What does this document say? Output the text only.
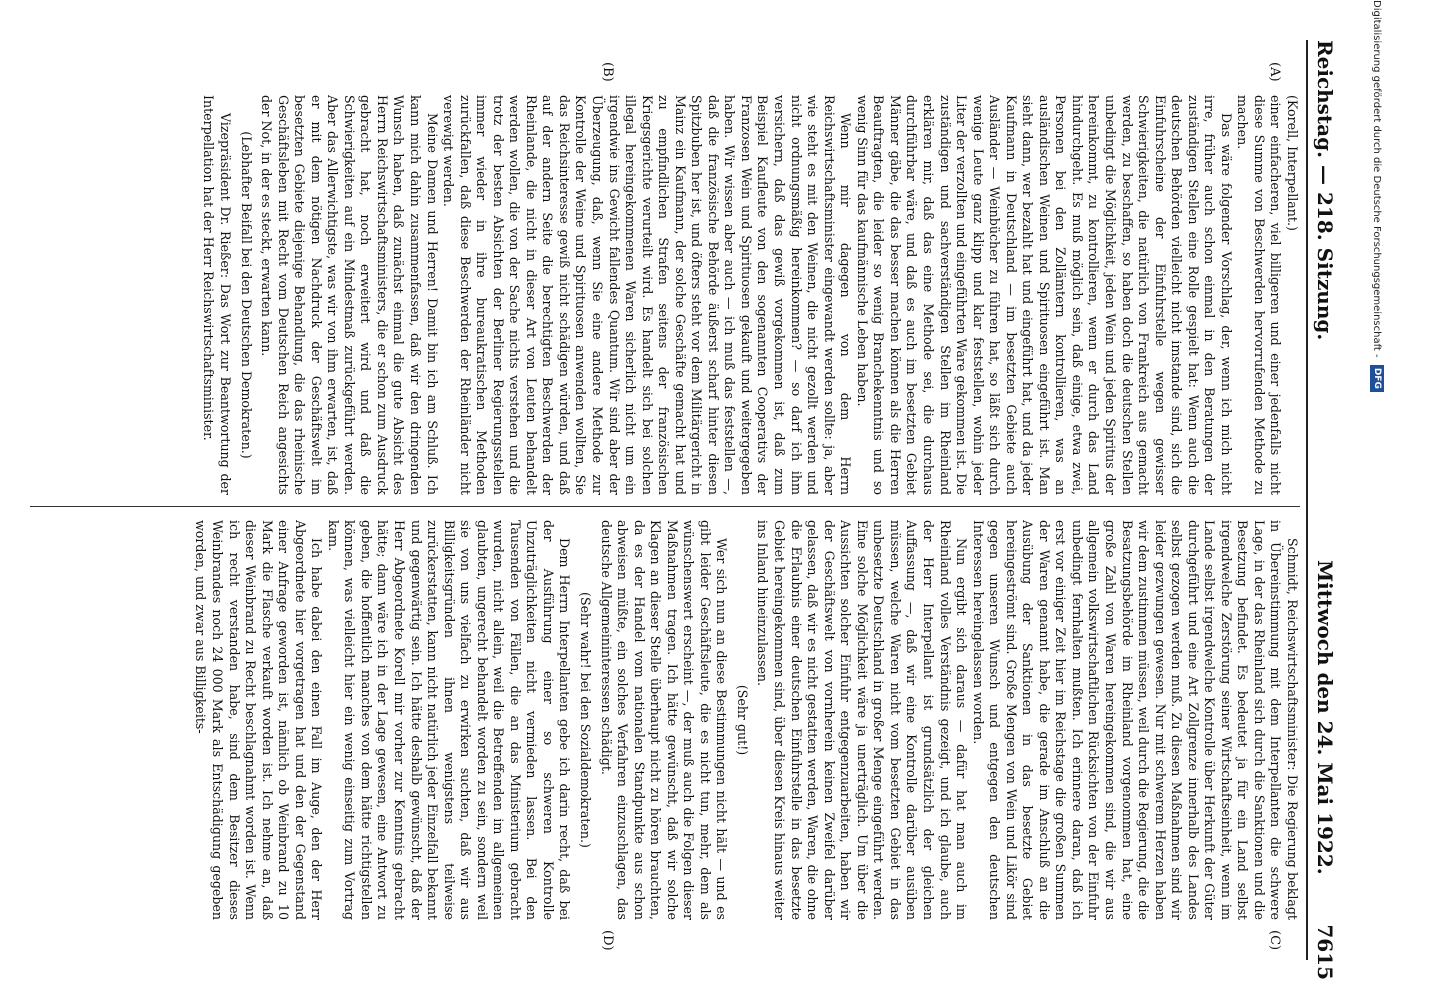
Reichstag. — 218. Sitzung.
Mittwoch den 24. Mai 1922.
7615
(A)
(B)
(C)
(D)

(Korell, Interpellant.)

einer einfacheren, viel billigeren und einer jedenfalls nicht diese Summe von Beschwerden hervorrufenden Methode zu machen.

Das wäre folgender Vorschlag, der, wenn ich mich nicht irre, früher auch schon einmal in den Beratungen der zuständigen Stellen eine Rolle gespielt hat: Wenn auch die deutschen Behörden vielleicht nicht imstande sind, sich die Einfuhrscheine der Einfuhrstelle wegen gewisser Schwierigkeiten, die natürlich von Frankreich aus gemacht werden, zu beschaffen, so haben doch die deutschen Stellen unbedingt die Möglichkeit, jeden Wein und jeden Spiritus der hereinkommt, zu kontrollieren, wenn er durch das Land hindurchgeht. Es muß möglich sein, daß einige, etwa zwei, Personen bei den Zollämtern kontrollieren, was an ausländischen Weinen und Spirituosen eingeführt ist. Man sieht dann, wer bezahlt hat und eingeführt hat, und da jeder Kaufmann in Deutschland — im besetzten Gebiete auch Ausländer — Weinbücher zu führen hat, so läßt sich durch wenige Leute ganz klipp und klar feststellen, wohin jeder Liter der verzollten und eingeführten Ware gekommen ist. Die zuständigen und sachverständigen Stellen im Rheinland erklären mir, daß das eine Methode sei, die durchaus durchführbar wäre, und daß es auch im besetzten Gebiet Männer gäbe, die das besser machen können als die Herren Beauftragten, die leider so wenig Branchekenntnis und so wenig Sinn für das kaufmännische Leben haben.

Wenn mir dagegen von dem Herrn Reichswirtschaftsminister eingewandt werden sollte: ja, aber wie steht es mit den Weinen, die nicht gezollt werden und nicht ordnungsmäßig hereinkommen? — so darf ich ihm versichern, daß das gewiß vorgekommen ist, daß zum Beispiel Kaufleute von den sogenannten Cooperativs der Franzosen Wein und Spirituosen gekauft und weitergegeben haben. Wir wissen aber auch — ich muß das feststellen —, daß die französische Behörde äußerst scharf hinter diesen Spitzbuben her ist, und öfters steht vor dem Militärgericht in Mainz ein Kaufmann, der solche Geschäfte gemacht hat und zu empfindlichen Strafen seitens der französischen Kriegsgerichte verurteilt wird. Es handelt sich bei solchen illegal hereingekommenen Waren sicherlich nicht um ein irgendwie ins Gewicht fallendes Quantum. Wir sind aber der Überzeugung, daß, wenn Sie eine andere Methode zur Kontrolle der Weine und Spirituosen anwenden wollten, Sie das Reichsinteresse gewiß nicht schädigen würden, und daß auf der andern Seite die berechtigten Beschwerden der Rheinlande, die nicht in dieser Art von Leuten behandelt werden wollen, die von der Sache nichts verstehen und die trotz der besten Absichten der Berliner Regierungsstellen immer wieder in ihre bureaukratischen Methoden zurückfallen, daß diese Beschwerden der Rheinländer nicht verewigt werden.

Meine Damen und Herren! Damit bin ich am Schluß. Ich kann mich dahin zusammenfassen, daß wir den dringenden Wunsch haben, daß zunächst einmal die gute Absicht des Herrn Reichswirtschaftsministers, die er schon zum Ausdruck gebracht hat, noch erweitert wird und daß die Schwierigkeiten auf ein Mindestmaß zurückgeführt werden. Aber das Allerwichtigste, was wir von ihm erwarten, ist, daß er mit dem nötigen Nachdruck der Geschäftswelt im besetzten Gebiete diejenige Behandlung, die das rheinische Geschäftsleben mit Recht vom Deutschen Reich angesichts der Not, in der es steckt, erwarten kann.

(Lebhafter Beifall bei den Deutschen Demokraten.)

Vizepräsident Dr. Rießer: Das Wort zur Beantwortung der Interpellation hat der Herr Reichswirtschaftsminister.

Schmidt, Reichswirtschaftsminister: Die Regierung beklagt in Übereinstimmung mit dem Interpellanten die schwere Lage, in der das Rheinland sich durch die Sanktionen und die Besetzung befindet. Es bedeutet ja für ein Land selbst irgendwelche Zerstörung seiner Wirtschaftseinheit, wenn im Lande selbst irgendwelche Kontrolle über Herkunft der Güter durchgeführt und eine Art Zollgrenze innerhalb des Landes selbst gezogen werden muß. Zu diesen Maßnahmen sind wir leider gezwungen gewesen. Nur mit schwerem Herzen haben wir dem zustimmen müssen, weil durch die Regierung, die die Besatzungsbehörde im Rheinland vorgenommen hat, eine große Zahl von Waren hereingekommen sind, die wir aus allgemein volkswirtschaftlichen Rücksichten von der Einfuhr unbedingt fernhalten mußten. Ich erinnere daran, daß ich erst vor einiger Zeit hier im Reichstage die großen Summen der Waren genannt habe, die gerade im Anschluß an die Ausübung der Sanktionen in das besetzte Gebiet hereingeströmt sind. Große Mengen von Wein und Likör sind gegen unseren Wunsch und entgegen den deutschen Interessen hereingelassen worden.

Nun ergibt sich daraus — dafür hat man auch im Rheinland volles Verständnis gezeigt, und ich glaube, auch der Herr Interpellant ist grundsätzlich der gleichen Auffassung —, daß wir eine Kontrolle darüber ausüben müssen, welche Waren nicht vom besetzten Gebiet in das unbesetzte Deutschland in großer Menge eingeführt werden. Eine solche Möglichkeit wäre ja unerträglich. Um über die Aussichten solcher Einfuhr entgegenzuarbeiten, haben wir der Geschäftswelt von vornherein keinen Zweifel darüber gelassen, daß wir es nicht gestatten werden, Waren, die ohne die Erlaubnis einer deutschen Einfuhrstelle in das besetzte Gebiet hereingekommen sind, über diesen Kreis hinaus weiter ins Inland hineinzulassen.

(Sehr gut!)

Wer sich nun an diese Bestimmungen nicht hält — und es gibt leider Geschäftsleute, die es nicht tun, mehr, dem als wünschenswert erscheint —, der muß auch die Folgen dieser Maßnahmen tragen. Ich hätte gewünscht, daß wir solche Klagen an dieser Stelle überhaupt nicht zu hören brauchten, da es der Handel vom nationalen Standpunkte aus schon abweisen müßte, ein solches Verfahren einzuschlagen, das deutsche Allgemeininteressen schädigt.

(Sehr wahr! bei den Sozialdemokraten.)

Dem Herrn Interpellanten gebe ich darin recht, daß bei der Ausführung einer so schweren Kontrolle Unzuträglichkeiten nicht vermieden lassen. Bei den Tausenden von Fällen, die an das Ministerium gebracht wurden, nicht allein, weil die Betreffenden im allgemeinen glaubten, ungerecht behandelt worden zu sein, sondern weil sie von uns vielfach zu erwirken suchten, daß wir aus Billigkeitsgründen ihnen wenigstens teilweise zurückerstatten, kann nicht natürlich jeder Einzelfall bekannt und gegenwärtig sein. Ich hätte deshalb gewünscht, daß der Herr Abgeordnete Korell mir vorher zur Kenntnis gebracht hätte; dann wäre ich in der Lage gewesen, eine Antwort zu geben, die hoffentlich manches von dem hätte richtigstellen können, was vielleicht hier ein wenig einseitig zum Vortrag kam.

Ich habe dabei den einen Fall im Auge, den der Herr Abgeordnete hier vorgetragen hat und den der Gegenstand einer Anfrage geworden ist, nämlich ob Weinbrand zu 10 Mark die Flasche verkauft worden ist. Ich nehme an, daß dieser Weinbrand zu Recht beschlagnahmt worden ist. Wenn ich recht verstanden habe, sind dem Besitzer dieses Weinbrandes noch 24 000 Mark als Entschädigung gegeben worden, und zwar aus Billigkeits-

Digitalisierung gefördert durch die Deutsche Forschungsgemeinschaft - DFG
